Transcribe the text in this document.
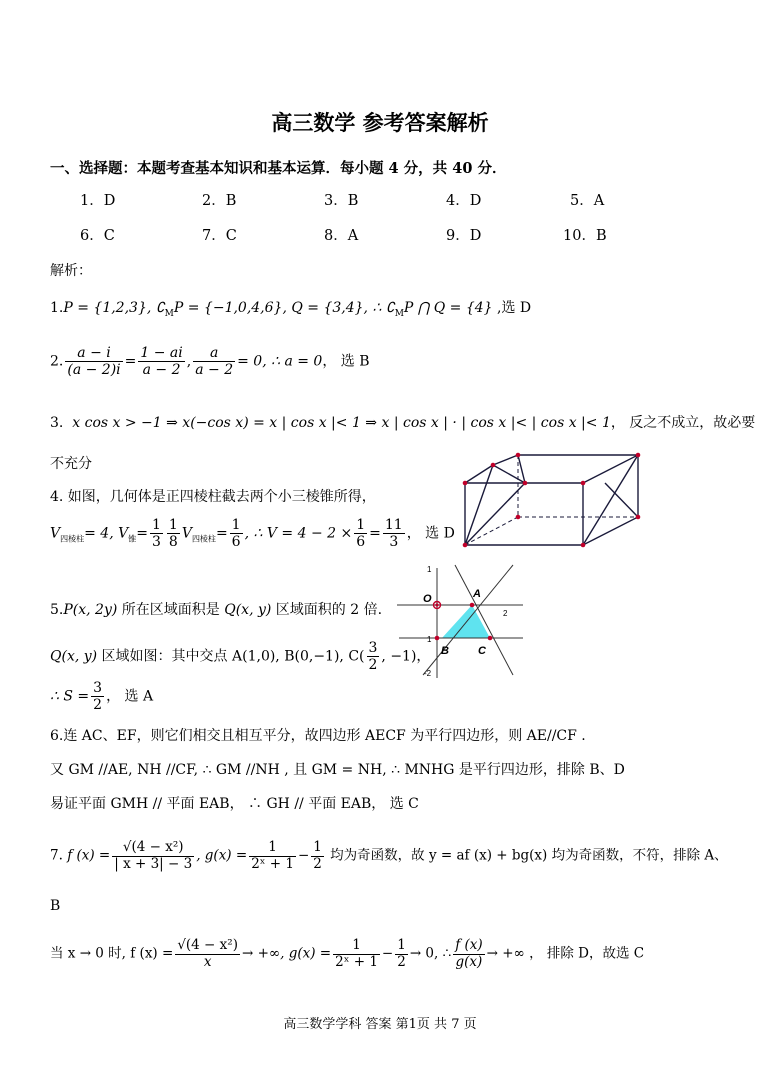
高三数学 参考答案解析
一、选择题：本题考查基本知识和基本运算．每小题 4 分，共 40 分．
1．D	2．B	3．B	4．D	5．A
6．C	7．C	8．A	9．D	10．B
解析：
1.P = {1,2,3}, $∁_MP = \{-1,0,4,6\}$, Q = {3,4}, ∴ $∁_MP$ ⋂ Q = {4} ,选 D
2. $\frac{a - i}{(a - 2)i} = \frac{1 - ai}{a - 2}$ , $\frac{a}{a - 2} = 0$, ∴ a = 0， 选 B
3. x cos x > −1 ⇒ x(−cos x) = x | cos x |< 1 ⇒ x | cos x | · | cos x |< | cos x |< 1， 反之不成立，故必要
不充分
4. 如图，几何体是正四棱柱截去两个小三棱锥所得，
$V_{四棱柱}= 4$, $V_锥= \frac{1}{3} \frac{1}{8} V_{四棱柱}= \frac{1}{6}$ , ∴ $V = 4 - 2 \times \frac{1}{6} = \frac{11}{3}$ ， 选 D
5.P(x, 2y) 所在区域面积是 Q(x, y) 区域面积的 2 倍.
Q(x, y) 区域如图：其中交点 A(1,0), B(0,−1), $C( \frac{3}{2}$ , −1)，
∴ $S = \frac{3}{2}$ ， 选 A
1
O	A
2
1
B	C
-2
6.连 AC、EF，则它们相交且相互平分，故四边形 AECF 为平行四边形，则 AE//CF .
又 GM //AE, NH //CF, ∴ GM //NH , 且 GM = NH, ∴ MNHG 是平行四边形，排除 B、D
易证平面 GMH // 平面 EAB， ∴ GH // 平面 EAB， 选 C
7. f $(x) = \frac{\text{√(4 − x²)}}{| x + 3| - 3}$ , $g(x) = \frac{1}{\text{2ˣ + 1}} - \frac{1}{2}$ 均为奇函数，故 y = af (x) + bg(x) 均为奇函数，不符，排除 A、
B
当 x → 0 时, f $(x) = \frac{\text{√(4 − x²)}}{x}$ → +∞, $g(x) = \frac{1}{\text{2ˣ + 1}} - \frac{1}{2} \to 0$, ∴ $\frac{f (x)}{g(x)}$ → +∞ ， 排除 D，故选 C
高三数学学科 答案 第1页 共 7 页
